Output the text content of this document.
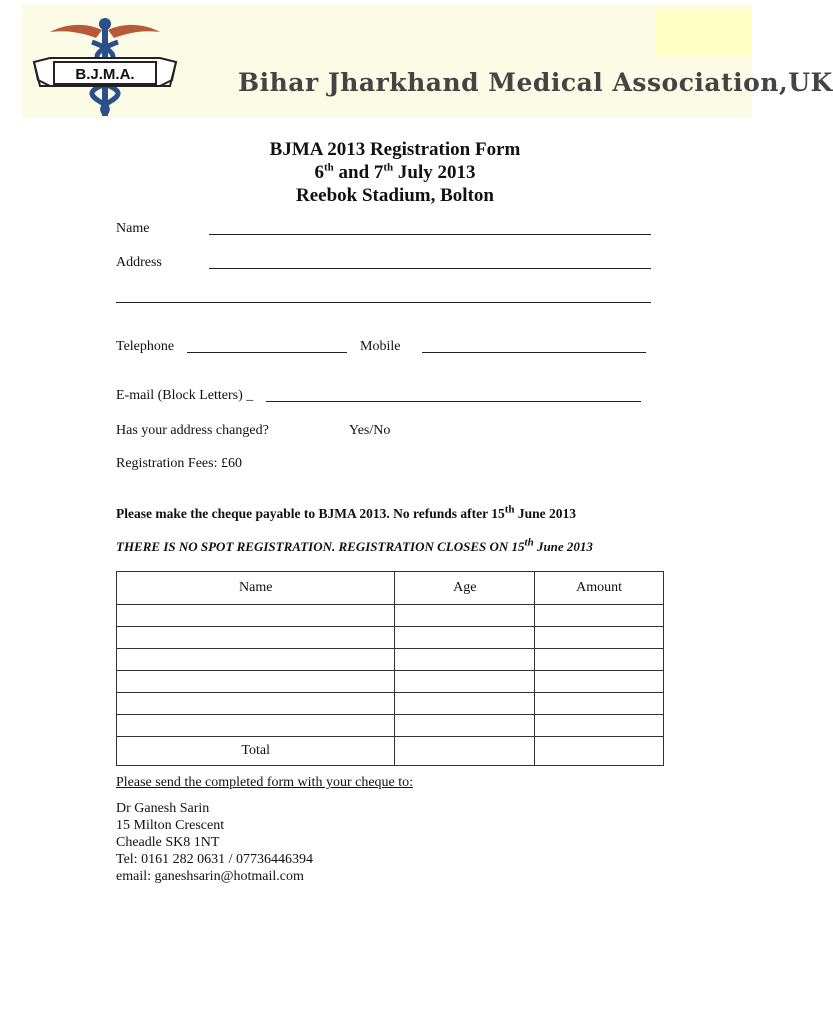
B.J.M.A.	Bihar Jharkhand Medical Association,UK
BJMA 2013 Registration Form
6th and 7th July 2013
Reebok Stadium, Bolton
Name
Address
Telephone	Mobile
E-mail (Block Letters) _
Has your address changed?	Yes/No
Registration Fees: £60
Please make the cheque payable to BJMA 2013. No refunds after 15th June 2013
THERE IS NO SPOT REGISTRATION. REGISTRATION CLOSES ON 15th June 2013
Name	Age	Amount

Total		
Please send the completed form with your cheque to:
Dr Ganesh Sarin
15 Milton Crescent
Cheadle SK8 1NT
Tel: 0161 282 0631 / 07736446394
email: ganeshsarin@hotmail.com
